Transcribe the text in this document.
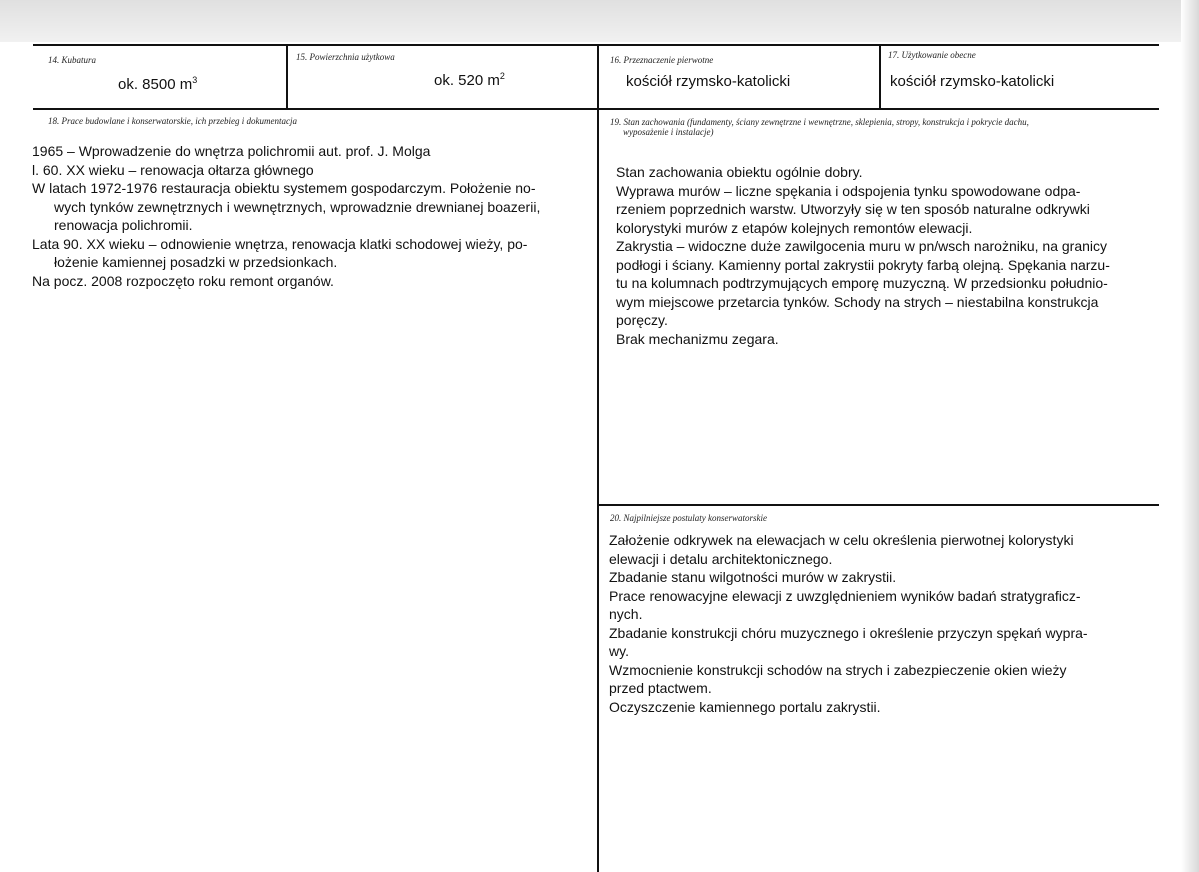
14. Kubatura
ok. 8500 $m^3$
15. Powierzchnia użytkowa
ok. 520 $m^2$
16. Przeznaczenie pierwotne
kościół rzymsko-katolicki
17. Użytkowanie obecne
kościół rzymsko-katolicki
18. Prace budowlane i konserwatorskie, ich przebieg i dokumentacja
1965 – Wprowadzenie do wnętrza polichromii aut. prof. J. Molga
l. 60. XX wieku – renowacja ołtarza głównego
W latach 1972-1976 restauracja obiektu systemem gospodarczym. Położenie no-
wych tynków zewnętrznych i wewnętrznych, wprowadznie drewnianej boazerii,
renowacja polichromii.
Lata 90. XX wieku – odnowienie wnętrza, renowacja klatki schodowej wieży, po-
łożenie kamiennej posadzki w przedsionkach.
Na pocz. 2008 rozpoczęto roku remont organów.
19. Stan zachowania (fundamenty, ściany zewnętrzne i wewnętrzne, sklepienia, stropy, konstrukcja i pokrycie dachu,
wyposażenie i instalacje)
Stan zachowania obiektu ogólnie dobry.
Wyprawa murów – liczne spękania i odspojenia tynku spowodowane odpa-
rzeniem poprzednich warstw. Utworzyły się w ten sposób naturalne odkrywki
kolorystyki murów z etapów kolejnych remontów elewacji.
Zakrystia – widoczne duże zawilgocenia muru w pn/wsch narożniku, na granicy
podłogi i ściany. Kamienny portal zakrystii pokryty farbą olejną. Spękania narzu-
tu na kolumnach podtrzymujących emporę muzyczną. W przedsionku południo-
wym miejscowe przetarcia tynków. Schody na strych – niestabilna konstrukcja
poręczy.
Brak mechanizmu zegara.
20. Najpilniejsze postulaty konserwatorskie
Założenie odkrywek na elewacjach w celu określenia pierwotnej kolorystyki
elewacji i detalu architektonicznego.
Zbadanie stanu wilgotności murów w zakrystii.
Prace renowacyjne elewacji z uwzględnieniem wyników badań stratygraficz-
nych.
Zbadanie konstrukcji chóru muzycznego i określenie przyczyn spękań wypra-
wy.
Wzmocnienie konstrukcji schodów na strych i zabezpieczenie okien wieży
przed ptactwem.
Oczyszczenie kamiennego portalu zakrystii.
